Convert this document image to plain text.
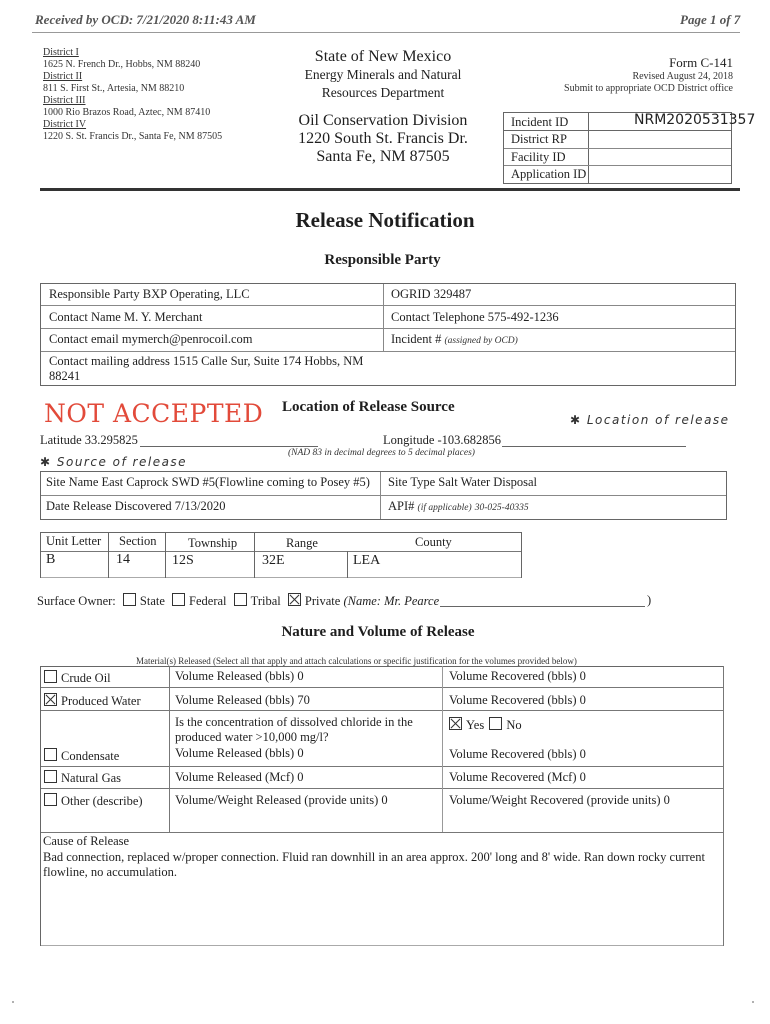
Received by OCD: 7/21/2020 8:11:43 AM	Page 1 of 7
District I
1625 N. French Dr., Hobbs, NM 88240
District II
811 S. First St., Artesia, NM 88210
District III
1000 Rio Brazos Road, Aztec, NM 87410
District IV
1220 S. St. Francis Dr., Santa Fe, NM 87505
State of New Mexico
Energy Minerals and Natural
Resources Department
Oil Conservation Division
1220 South St. Francis Dr.
Santa Fe, NM 87505
Form C-141
Revised August 24, 2018
Submit to appropriate OCD District office
Incident ID	NRM2020531357
District RP
Facility ID
Application ID
Release Notification
Responsible Party
Responsible Party BXP Operating, LLC	OGRID 329487
Contact Name M. Y. Merchant	Contact Telephone 575-492-1236
Contact email mymerch@penrocoil.com	Incident # (assigned by OCD)
Contact mailing address 1515 Calle Sur, Suite 174 Hobbs, NM
88241
NOT ACCEPTED Location of Release Source
✱ Location of release
Latitude 33.295825	Longitude -103.682856
(NAD 83 in decimal degrees to 5 decimal places)
✱ Source of release
Site Name East Caprock SWD #5(Flowline coming to Posey #5) Site Type Salt Water Disposal
Date Release Discovered 7/13/2020	API# (if applicable) 30-025-40335
Unit Letter Section	Township	Range	County
B	14	12S	32E	LEA
Surface Owner: State Federal Tribal Private (Name: Mr. Pearce	)
Nature and Volume of Release
Material(s) Released (Select all that apply and attach calculations or specific justification for the volumes provided below)
Crude Oil	Volume Released (bbls) 0	Volume Recovered (bbls) 0
Produced Water	Volume Released (bbls) 70	Volume Recovered (bbls) 0
Is the concentration of dissolved chloride in the
produced water >10,000 mg/l?
Yes No
Condensate	Volume Released (bbls) 0	Volume Recovered (bbls) 0
Natural Gas	Volume Released (Mcf) 0	Volume Recovered (Mcf) 0
Other (describe)	Volume/Weight Released (provide units) 0	Volume/Weight Recovered (provide units) 0
Cause of Release
Bad connection, replaced w/proper connection. Fluid ran downhill in an area approx. 200' long and 8' wide. Ran down rocky current
flowline, no accumulation.
